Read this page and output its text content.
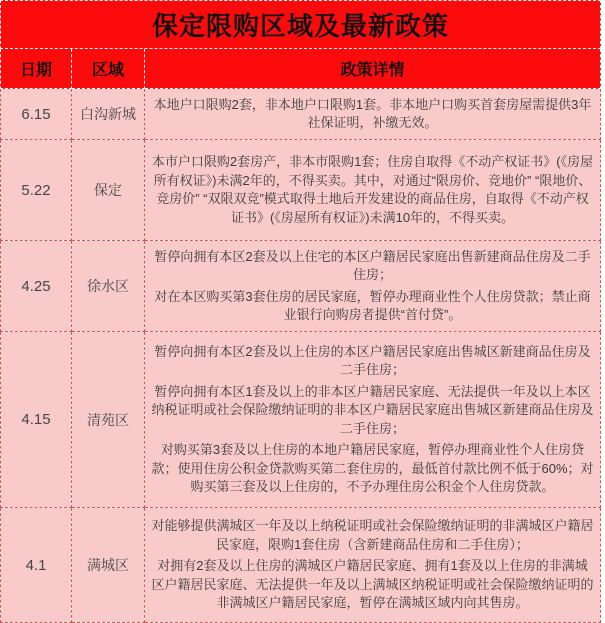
保定限购区域及最新政策		
日期	区域	政策详情
6.15	白沟新城	本地户口限购2套，非本地户口限购1套。非本地户口购买首套房屋需提供3年社保证明，补缴无效。

5.22	保定	本市户口限购2套房产，非本市限购1套；住房自取得《不动产权证书》(《房屋所有权证》)未满2年的，不得买卖。其中，对通过“限房价、竞地价” “限地价、竞房价” “双限双竞”模式取得土地后开发建设的商品住房，自取得《不动产权证书》(《房屋所有权证》)未满10年的，不得买卖。

4.25	徐水区	暂停向拥有本区2套及以上住宅的本区户籍居民家庭出售新建商品住房及二手住房；

对在本区购买第3套住房的居民家庭，暂停办理商业性个人住房贷款；禁止商业银行向购房者提供“首付贷”。

4.15	清苑区	暂停向拥有本区2套及以上住房的本区户籍居民家庭出售城区新建商品住房及二手住房；

暂停向拥有本区1套及以上的非本区户籍居民家庭、无法提供一年及以上本区纳税证明或社会保险缴纳证明的非本区户籍居民家庭出售城区新建商品住房及二手住房；

对购买第3套及以上住房的本地户籍居民家庭，暂停办理商业性个人住房贷款；使用住房公积金贷款购买第二套住房的，最低首付款比例不低于60%；对购买第三套及以上住房的，不予办理住房公积金个人住房贷款。

4.1	满城区	对能够提供满城区一年及以上纳税证明或社会保险缴纳证明的非满城区户籍居民家庭，限购1套住房（含新建商品住房和二手住房）；

对拥有2套及以上住房的满城区户籍居民家庭、拥有1套及以上住房的非满城区户籍居民家庭、无法提供一年及以上满城区纳税证明或社会保险缴纳证明的非满城区户籍居民家庭，暂停在满城区域内向其售房。
